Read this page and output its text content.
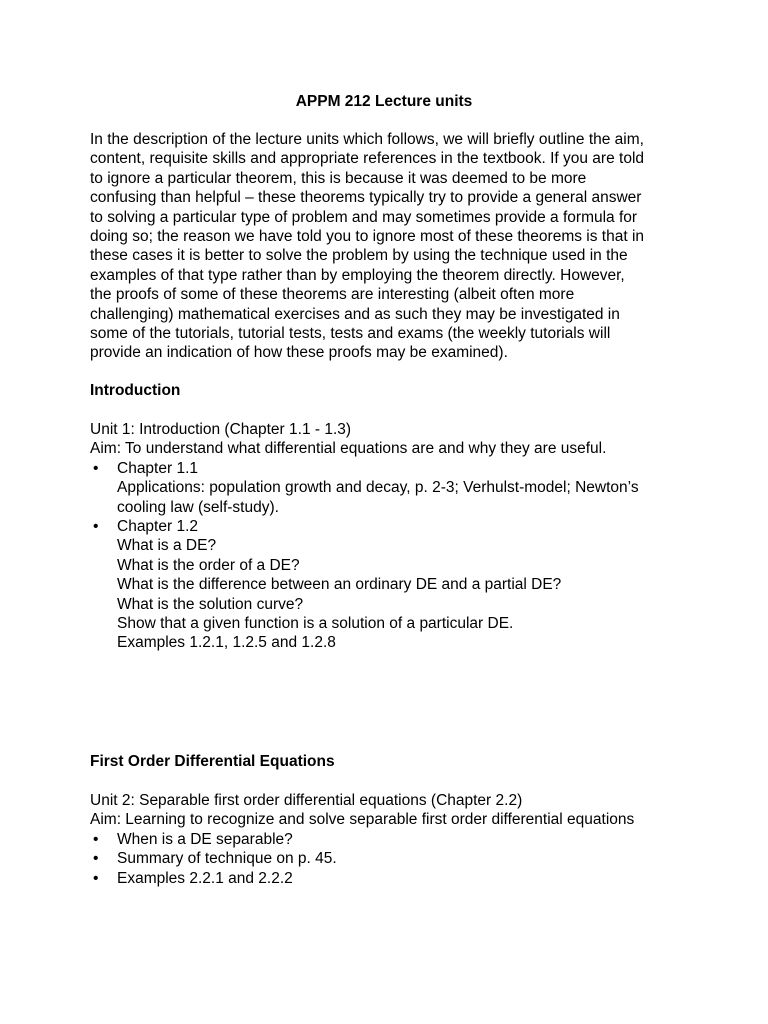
APPM 212 Lecture units

In the description of the lecture units which follows, we will briefly outline the aim,
content, requisite skills and appropriate references in the textbook. If you are told
to ignore a particular theorem, this is because it was deemed to be more
confusing than helpful – these theorems typically try to provide a general answer
to solving a particular type of problem and may sometimes provide a formula for
doing so; the reason we have told you to ignore most of these theorems is that in
these cases it is better to solve the problem by using the technique used in the
examples of that type rather than by employing the theorem directly. However,
the proofs of some of these theorems are interesting (albeit often more
challenging) mathematical exercises and as such they may be investigated in
some of the tutorials, tutorial tests, tests and exams (the weekly tutorials will
provide an indication of how these proofs may be examined).

Introduction
Unit 1: Introduction (Chapter 1.1 - 1.3)
Aim: To understand what differential equations are and why they are useful.
• Chapter 1.1
Applications: population growth and decay, p. 2-3; Verhulst-model; Newton’s
cooling law (self-study).
• Chapter 1.2
What is a DE?
What is the order of a DE?
What is the difference between an ordinary DE and a partial DE?
What is the solution curve?
Show that a given function is a solution of a particular DE.
Examples 1.2.1, 1.2.5 and 1.2.8
First Order Differential Equations
Unit 2: Separable first order differential equations (Chapter 2.2)
Aim: Learning to recognize and solve separable first order differential equations
• When is a DE separable?
• Summary of technique on p. 45.
• Examples 2.2.1 and 2.2.2
